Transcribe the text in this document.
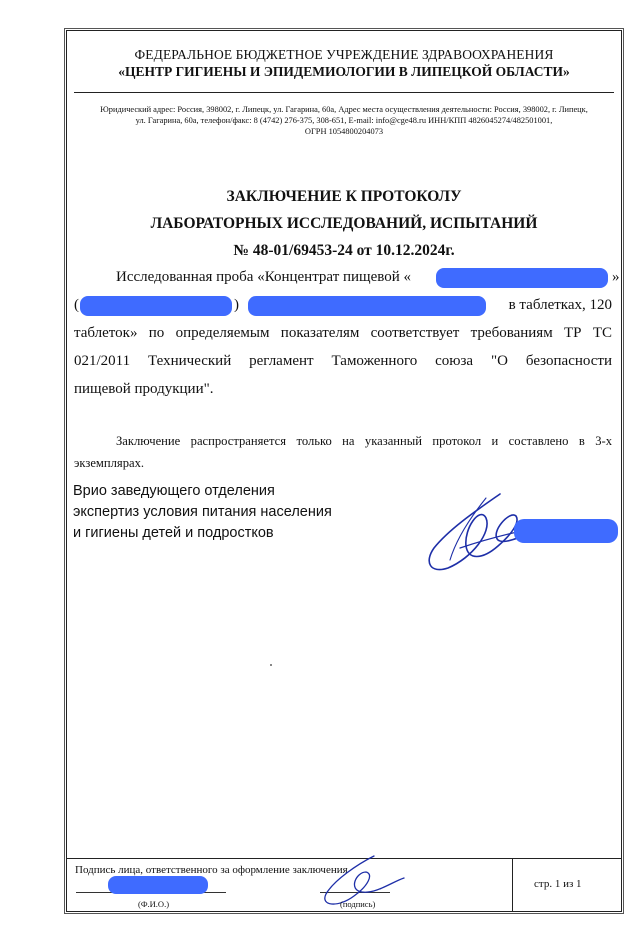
ФЕДЕРАЛЬНОЕ БЮДЖЕТНОЕ УЧРЕЖДЕНИЕ ЗДРАВООХРАНЕНИЯ
«ЦЕНТР ГИГИЕНЫ И ЭПИДЕМИОЛОГИИ В ЛИПЕЦКОЙ ОБЛАСТИ»
Юридический адрес: Россия, 398002, г. Липецк, ул. Гагарина, 60а, Адрес места осуществления деятельности: Россия, 398002, г. Липецк,
ул. Гагарина, 60а, телефон/факс: 8 (4742) 276-375, 308-651, E-mail: info@cge48.ru ИНН/КПП 4826045274/482501001,
ОГРН 1054800204073
ЗАКЛЮЧЕНИЕ К ПРОТОКОЛУ
ЛАБОРАТОРНЫХ ИССЛЕДОВАНИЙ, ИСПЫТАНИЙ
№ 48-01/69453-24 от 10.12.2024г.
Исследованная проба «Концентрат пищевой «	»
(	)	в таблетках, 120
таблеток» по определяемым показателям соответствует требованиям ТР ТС
021/2011 Технический регламент Таможенного союза "О безопасности
пищевой продукции".
Заключение распространяется только на указанный протокол и составлено в 3-х экземплярах.
Врио заведующего отделения
экспертиз условия питания населения
и гигиены детей и подростков
Подпись лица, ответственного за оформление заключения
стр. 1 из 1
(Ф.И.О.)	(подпись)
